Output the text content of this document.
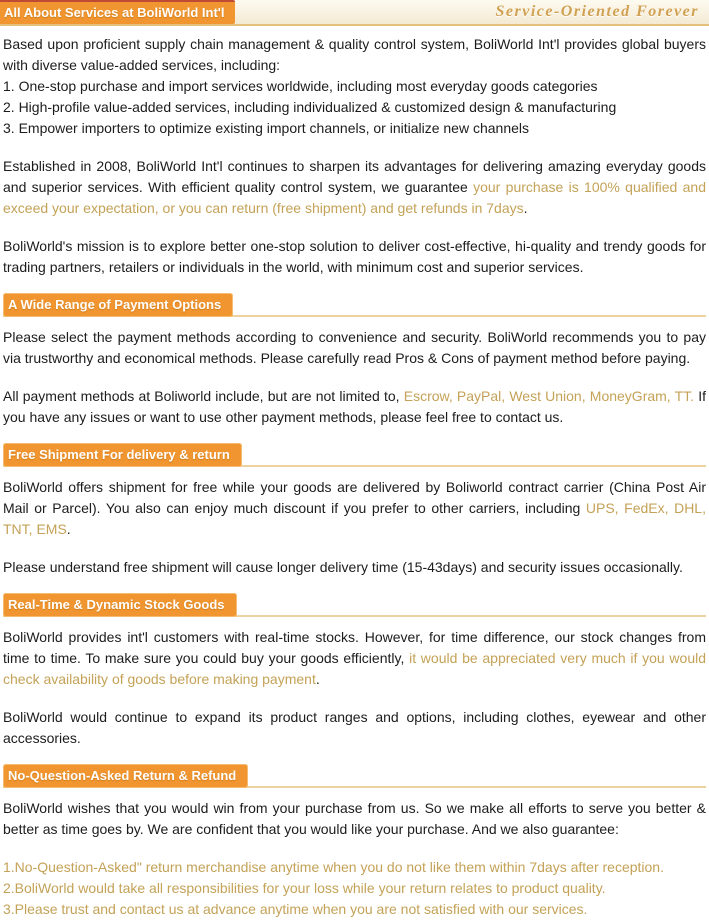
All About Services at BoliWorld Int'l	Service-Oriented Forever
Based upon proficient supply chain management & quality control system, BoliWorld Int'l provides global buyers with diverse value-added services, including:
1. One-stop purchase and import services worldwide, including most everyday goods categories
2. High-profile value-added services, including individualized & customized design & manufacturing
3. Empower importers to optimize existing import channels, or initialize new channels
Established in 2008, BoliWorld Int'l continues to sharpen its advantages for delivering amazing everyday goods and superior services. With efficient quality control system, we guarantee your purchase is 100% qualified and exceed your expectation, or you can return (free shipment) and get refunds in 7days.
BoliWorld's mission is to explore better one-stop solution to deliver cost-effective, hi-quality and trendy goods for trading partners, retailers or individuals in the world, with minimum cost and superior services.
A Wide Range of Payment Options
Please select the payment methods according to convenience and security. BoliWorld recommends you to pay via trustworthy and economical methods. Please carefully read Pros & Cons of payment method before paying.
All payment methods at Boliworld include, but are not limited to, Escrow, PayPal, West Union, MoneyGram, TT. If you have any issues or want to use other payment methods, please feel free to contact us.
Free Shipment For delivery & return
BoliWorld offers shipment for free while your goods are delivered by Boliworld contract carrier (China Post Air Mail or Parcel). You also can enjoy much discount if you prefer to other carriers, including UPS, FedEx, DHL, TNT, EMS.
Please understand free shipment will cause longer delivery time (15-43days) and security issues occasionally.
Real-Time & Dynamic Stock Goods
BoliWorld provides int'l customers with real-time stocks. However, for time difference, our stock changes from time to time. To make sure you could buy your goods efficiently, it would be appreciated very much if you would check availability of goods before making payment.
BoliWorld would continue to expand its product ranges and options, including clothes, eyewear and other accessories.
No-Question-Asked Return & Refund
BoliWorld wishes that you would win from your purchase from us. So we make all efforts to serve you better & better as time goes by. We are confident that you would like your purchase. And we also guarantee:
1.No-Question-Asked" return merchandise anytime when you do not like them within 7days after reception.
2.BoliWorld would take all responsibilities for your loss while your return relates to product quality.
3.Please trust and contact us at advance anytime when you are not satisfied with our services.
